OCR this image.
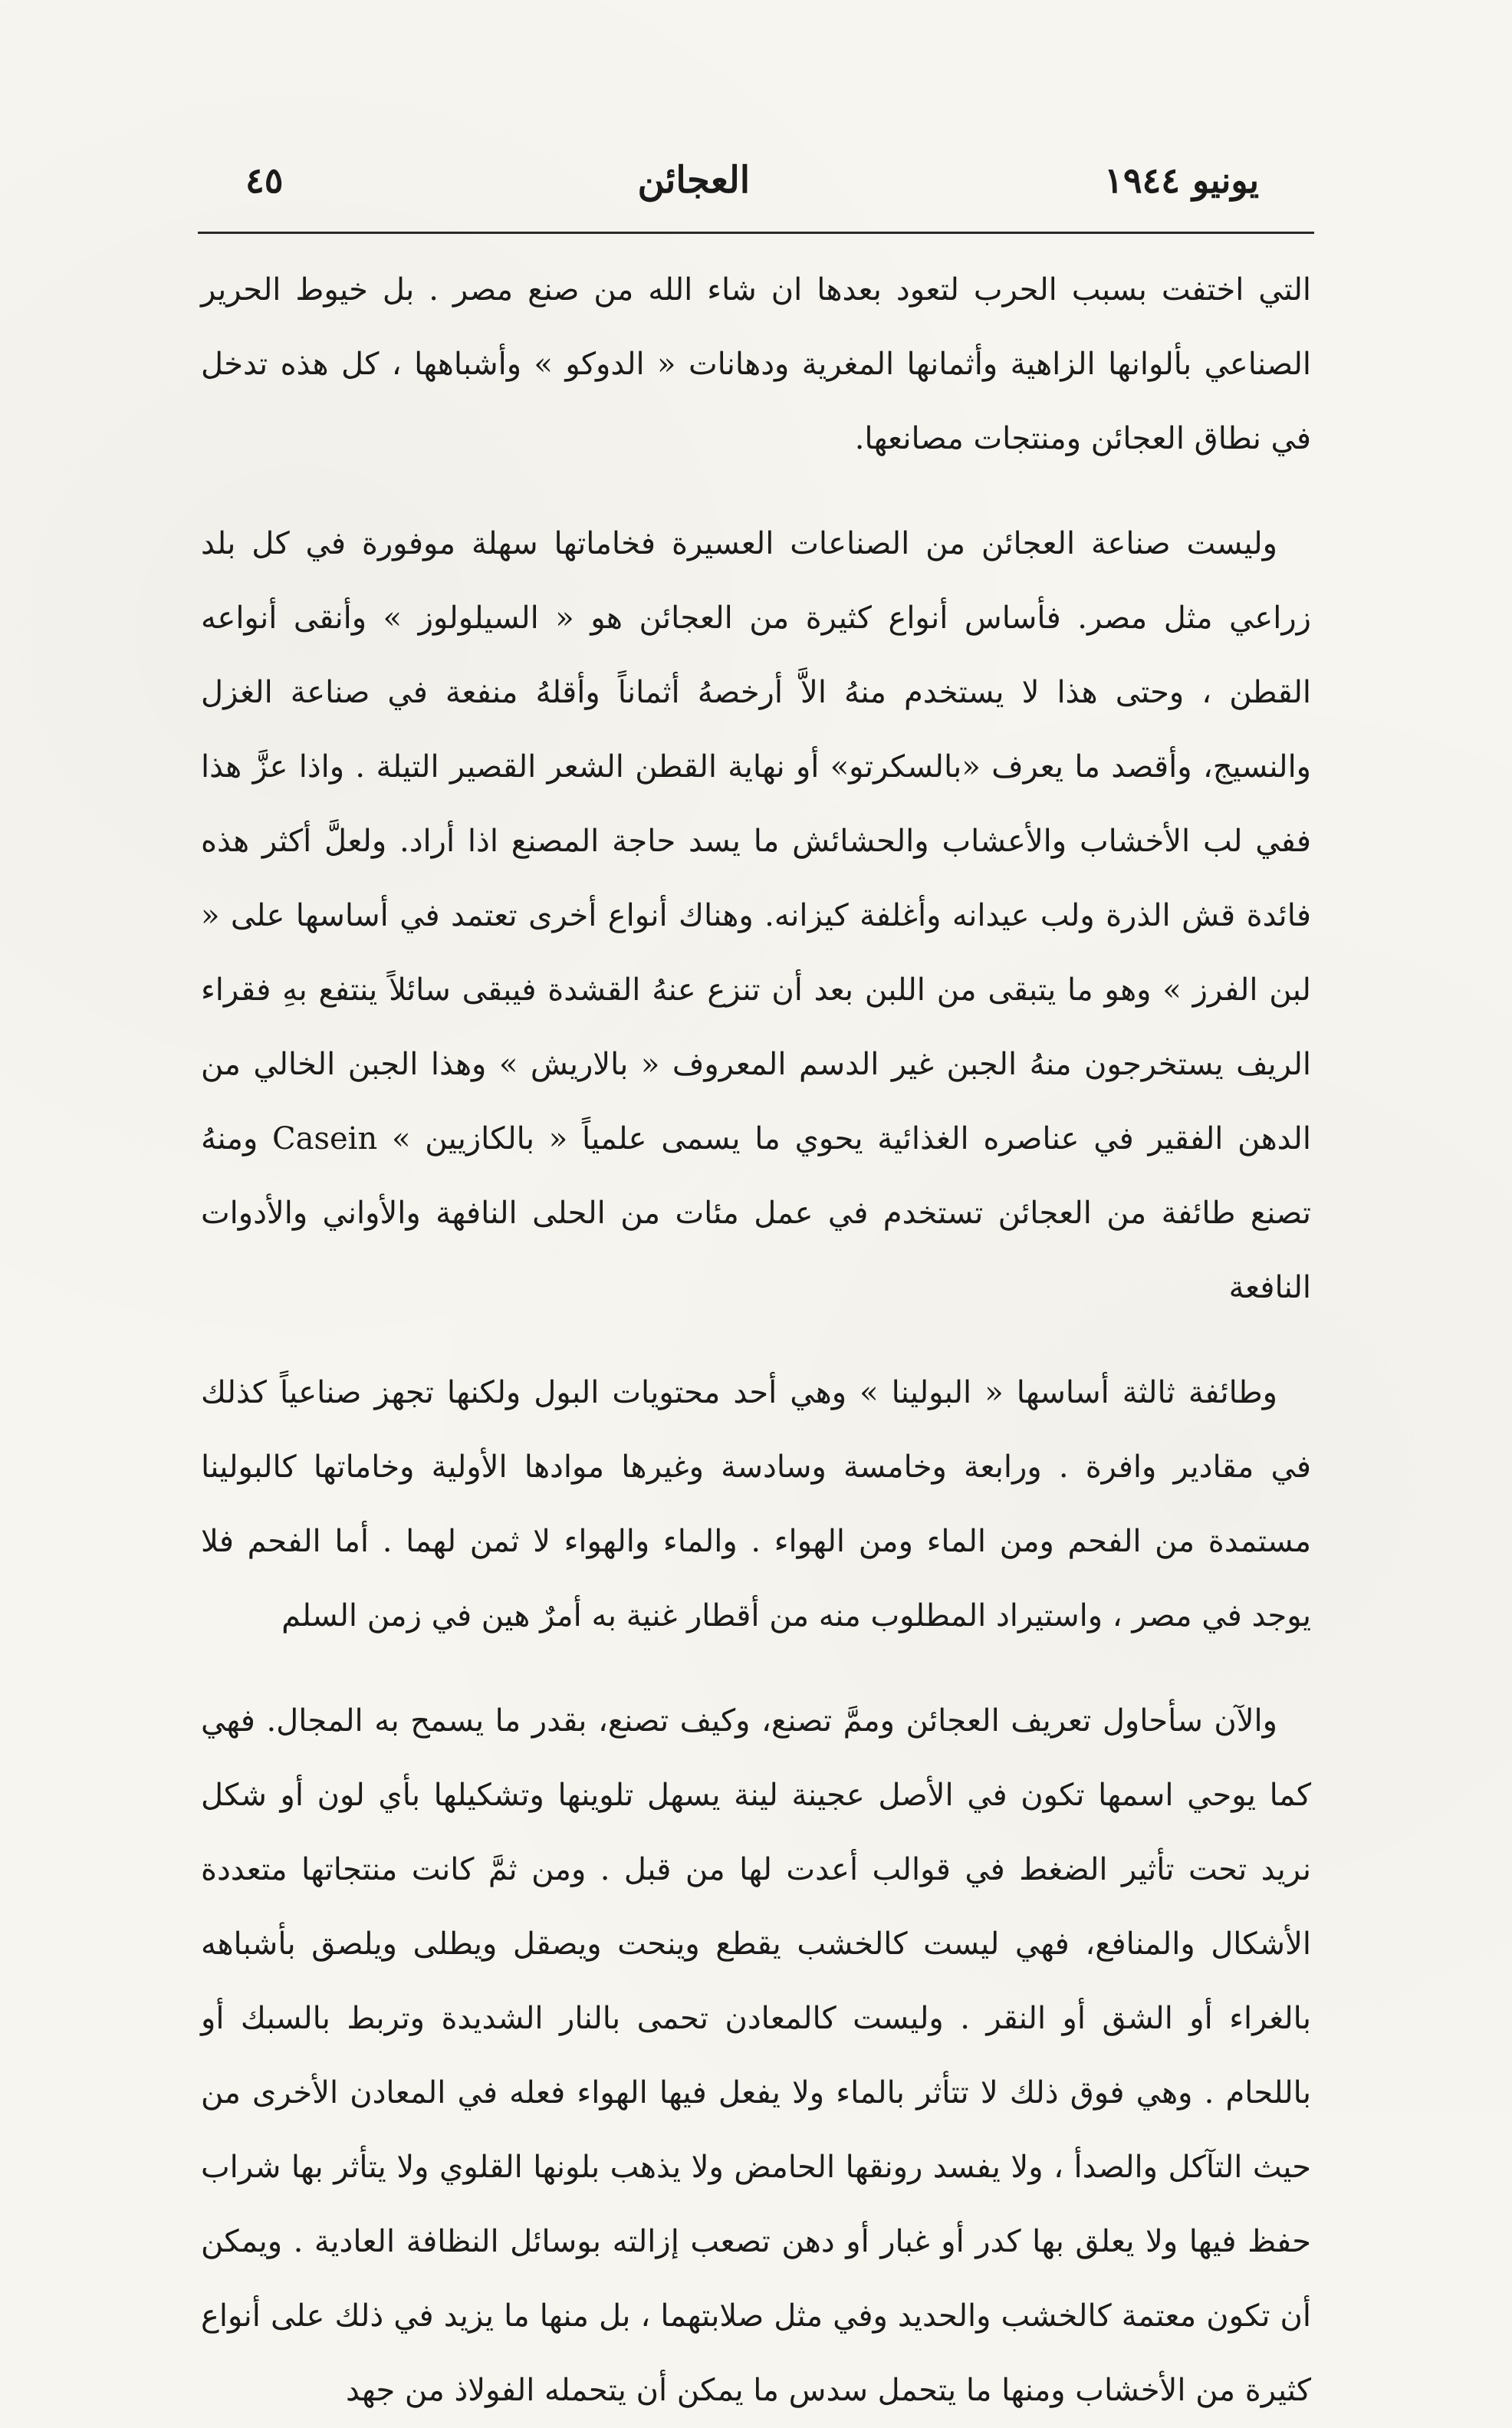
يونيو ١٩٤٤
العجائن
٤٥

التي اختفت بسبب الحرب لتعود بعدها ان شاء الله من صنع مصر . بل خيوط الحرير الصناعي بألوانها الزاهية وأثمانها المغرية ودهانات « الدوكو » وأشباهها ، كل هذه تدخل في نطاق العجائن ومنتجات مصانعها.

وليست صناعة العجائن من الصناعات العسيرة فخاماتها سهلة موفورة في كل بلد زراعي مثل مصر. فأساس أنواع كثيرة من العجائن هو « السيلولوز » وأنقى أنواعه القطن ، وحتى هذا لا يستخدم منهُ الاَّ أرخصهُ أثماناً وأقلهُ منفعة في صناعة الغزل والنسيج، وأقصد ما يعرف «بالسكرتو» أو نهاية القطن الشعر القصير التيلة . واذا عزَّ هذا ففي لب الأخشاب والأعشاب والحشائش ما يسد حاجة المصنع اذا أراد. ولعلَّ أكثر هذه فائدة قش الذرة ولب عيدانه وأغلفة كيزانه. وهناك أنواع أخرى تعتمد في أساسها على « لبن الفرز » وهو ما يتبقى من اللبن بعد أن تنزع عنهُ القشدة فيبقى سائلاً ينتفع بهِ فقراء الريف يستخرجون منهُ الجبن غير الدسم المعروف « بالاريش » وهذا الجبن الخالي من الدهن الفقير في عناصره الغذائية يحوي ما يسمى علمياً « بالكازيين » Casein ومنهُ تصنع طائفة من العجائن تستخدم في عمل مئات من الحلى النافهة والأواني والأدوات النافعة

وطائفة ثالثة أساسها « البولينا » وهي أحد محتويات البول ولكنها تجهز صناعياً كذلك في مقادير وافرة . ورابعة وخامسة وسادسة وغيرها موادها الأولية وخاماتها كالبولينا مستمدة من الفحم ومن الماء ومن الهواء . والماء والهواء لا ثمن لهما . أما الفحم فلا يوجد في مصر ، واستيراد المطلوب منه من أقطار غنية به أمرٌ هين في زمن السلم

والآن سأحاول تعريف العجائن وممَّ تصنع، وكيف تصنع، بقدر ما يسمح به المجال. فهي كما يوحي اسمها تكون في الأصل عجينة لينة يسهل تلوينها وتشكيلها بأي لون أو شكل نريد تحت تأثير الضغط في قوالب أعدت لها من قبل . ومن ثمَّ كانت منتجاتها متعددة الأشكال والمنافع، فهي ليست كالخشب يقطع وينحت ويصقل ويطلى ويلصق بأشباهه بالغراء أو الشق أو النقر . وليست كالمعادن تحمى بالنار الشديدة وتربط بالسبك أو باللحام . وهي فوق ذلك لا تتأثر بالماء ولا يفعل فيها الهواء فعله في المعادن الأخرى من حيث التآكل والصدأ ، ولا يفسد رونقها الحامض ولا يذهب بلونها القلوي ولا يتأثر بها شراب حفظ فيها ولا يعلق بها كدر أو غبار أو دهن تصعب إزالته بوسائل النظافة العادية . ويمكن أن تكون معتمة كالخشب والحديد وفي مثل صلابتهما ، بل منها ما يزيد في ذلك على أنواع كثيرة من الأخشاب ومنها ما يتحمل سدس ما يمكن أن يتحمله الفولاذ من جهد
